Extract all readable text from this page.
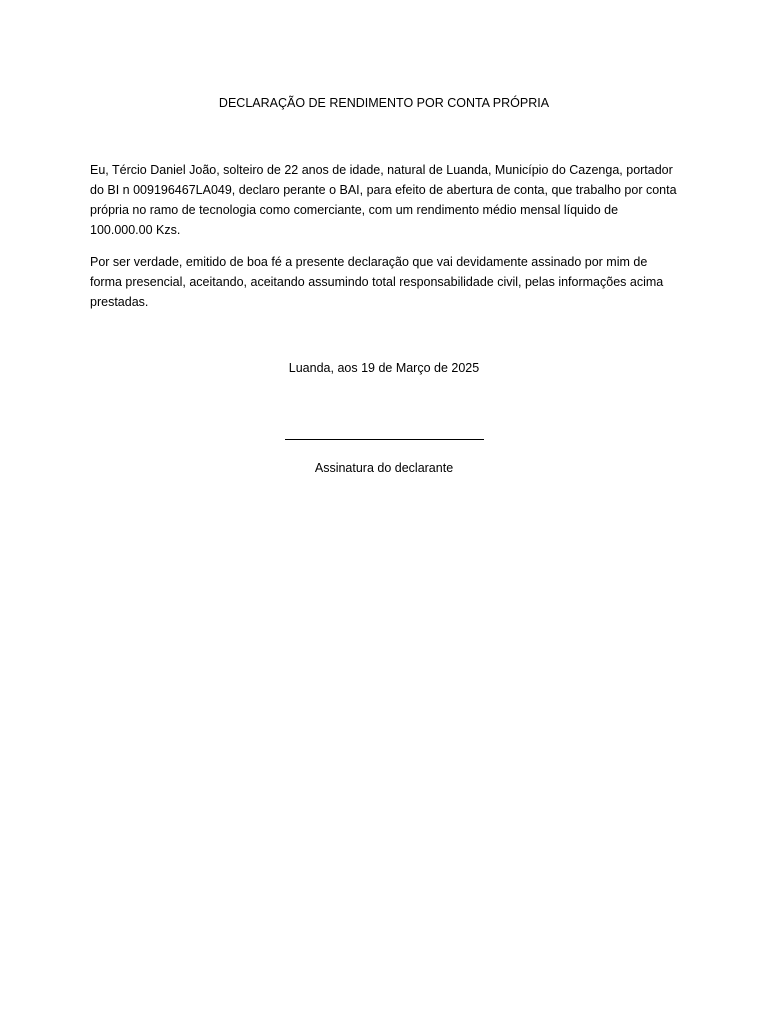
DECLARAÇÃO DE RENDIMENTO POR CONTA PRÓPRIA

Eu, Tércio Daniel João, solteiro de 22 anos de idade, natural de Luanda, Município do Cazenga, portador do BI n 009196467LA049, declaro perante o BAI, para efeito de abertura de conta, que trabalho por conta própria no ramo de tecnologia como comerciante, com um rendimento médio mensal líquido de 100.000.00 Kzs.

Por ser verdade, emitido de boa fé a presente declaração que vai devidamente assinado por mim de forma presencial, aceitando, aceitando assumindo total responsabilidade civil, pelas informações acima prestadas.

Luanda, aos 19 de Março de 2025
Assinatura do declarante
